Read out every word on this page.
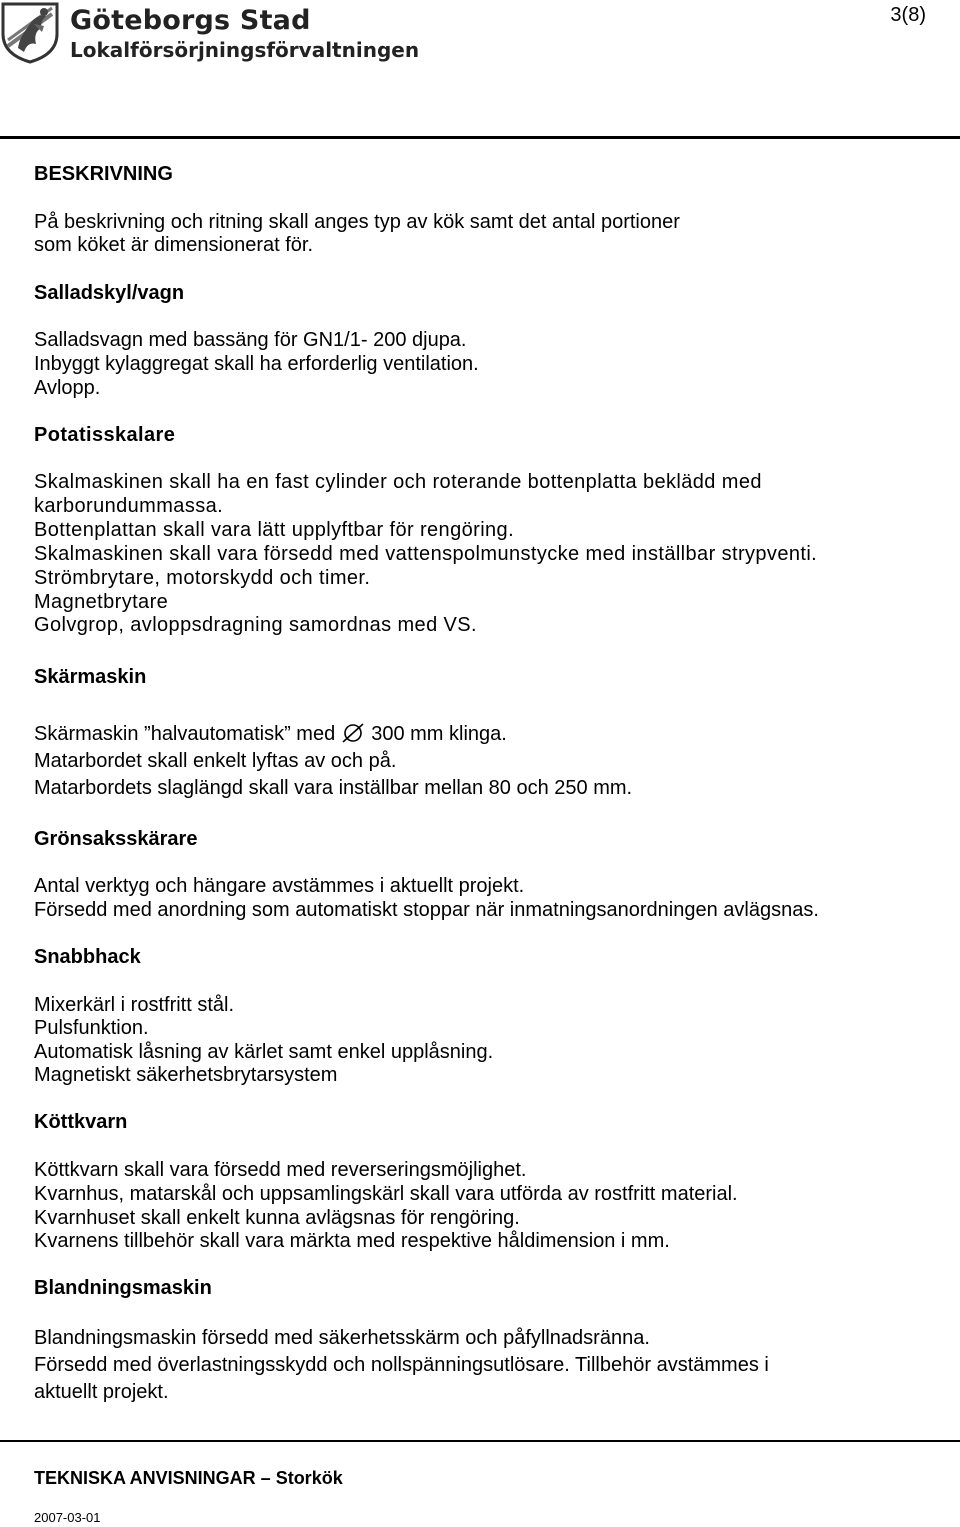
Göteborgs Stad
Lokalförsörjningsförvaltningen
3(8)
BESKRIVNING
På beskrivning och ritning skall anges typ av kök samt det antal portioner
som köket är dimensionerat för.
Salladskyl/vagn
Salladsvagn med bassäng för GN1/1- 200 djupa.
Inbyggt kylaggregat skall ha erforderlig ventilation.
Avlopp.
Potatisskalare
Skalmaskinen skall ha en fast cylinder och roterande bottenplatta beklädd med
karborundummassa.
Bottenplattan skall vara lätt upplyftbar för rengöring.
Skalmaskinen skall vara försedd med vattenspolmunstycke med inställbar strypventi.
Strömbrytare, motorskydd och timer.
Magnetbrytare
Golvgrop, avloppsdragning samordnas med VS.
Skärmaskin
Skärmaskin ”halvautomatisk” med 300 mm klinga.
Matarbordet skall enkelt lyftas av och på.
Matarbordets slaglängd skall vara inställbar mellan 80 och 250 mm.
Grönsaksskärare
Antal verktyg och hängare avstämmes i aktuellt projekt.
Försedd med anordning som automatiskt stoppar när inmatningsanordningen avlägsnas.
Snabbhack
Mixerkärl i rostfritt stål.
Pulsfunktion.
Automatisk låsning av kärlet samt enkel upplåsning.
Magnetiskt säkerhetsbrytarsystem
Köttkvarn
Köttkvarn skall vara försedd med reverseringsmöjlighet.
Kvarnhus, matarskål och uppsamlingskärl skall vara utförda av rostfritt material.
Kvarnhuset skall enkelt kunna avlägsnas för rengöring.
Kvarnens tillbehör skall vara märkta med respektive håldimension i mm.
Blandningsmaskin
Blandningsmaskin försedd med säkerhetsskärm och påfyllnadsränna.
Försedd med överlastningsskydd och nollspänningsutlösare. Tillbehör avstämmes i
aktuellt projekt.
TEKNISKA ANVISNINGAR – Storkök
2007-03-01
